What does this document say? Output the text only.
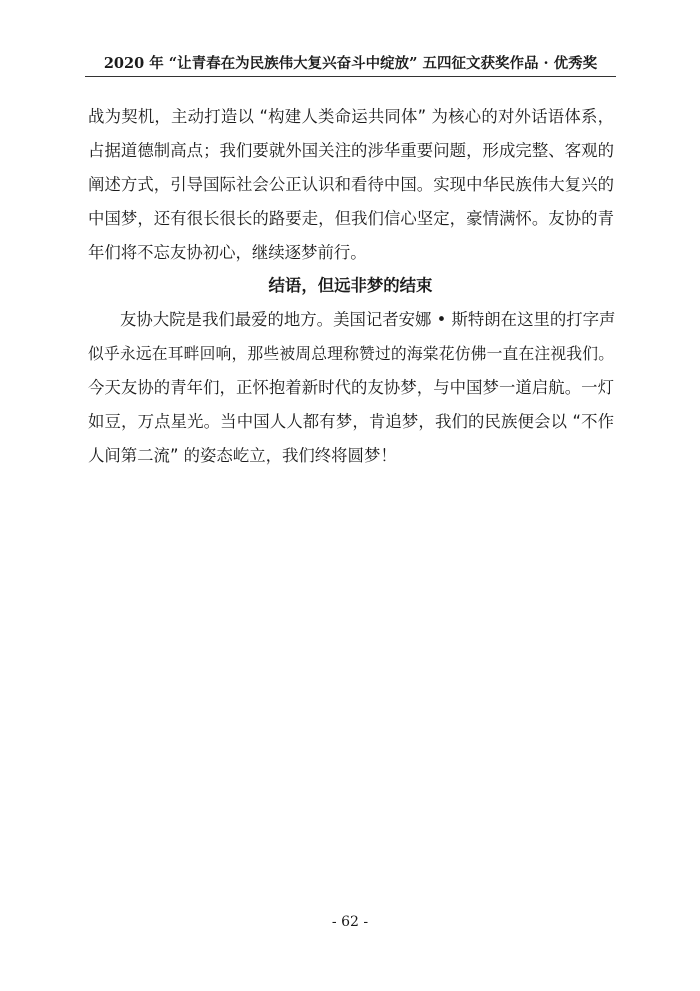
2020 年 “让青春在为民族伟大复兴奋斗中绽放” 五四征文获奖作品 · 优秀奖
战为契机，主动打造以 “构建人类命运共同体” 为核心的对外话语体系，
占据道德制高点；我们要就外国关注的涉华重要问题，形成完整、客观的
阐述方式，引导国际社会公正认识和看待中国。实现中华民族伟大复兴的
中国梦，还有很长很长的路要走，但我们信心坚定，豪情满怀。友协的青
年们将不忘友协初心，继续逐梦前行。
结语，但远非梦的结束
友协大院是我们最爱的地方。美国记者安娜 • 斯特朗在这里的打字声
似乎永远在耳畔回响，那些被周总理称赞过的海棠花仿佛一直在注视我们。
今天友协的青年们，正怀抱着新时代的友协梦，与中国梦一道启航。一灯
如豆，万点星光。当中国人人都有梦，肯追梦，我们的民族便会以 “不作
人间第二流” 的姿态屹立，我们终将圆梦！
- 62 -
